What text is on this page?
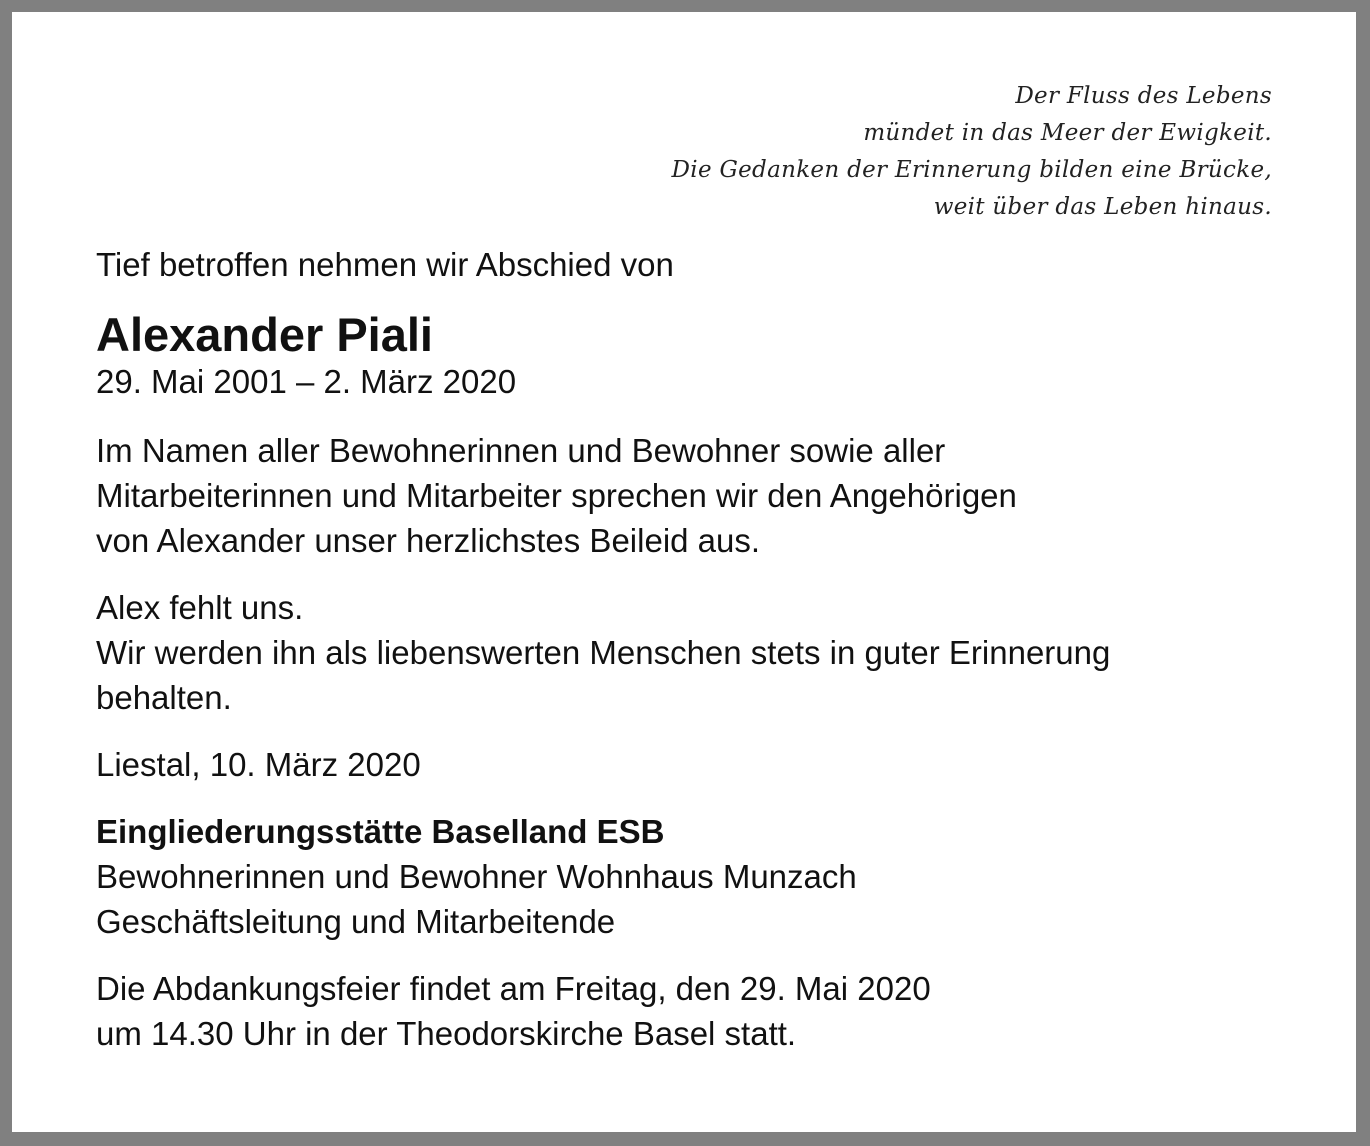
Der Fluss des Lebens
mündet in das Meer der Ewigkeit.
Die Gedanken der Erinnerung bilden eine Brücke,
weit über das Leben hinaus.

Tief betroffen nehmen wir Abschied von

Alexander Piali

29. Mai 2001 – 2. März 2020

Im Namen aller Bewohnerinnen und Bewohner sowie aller
Mitarbeiterinnen und Mitarbeiter sprechen wir den Angehörigen
von Alexander unser herzlichstes Beileid aus.

Alex fehlt uns.
Wir werden ihn als liebenswerten Menschen stets in guter Erinnerung
behalten.

Liestal, 10. März 2020

Eingliederungsstätte Baselland ESB
Bewohnerinnen und Bewohner Wohnhaus Munzach
Geschäftsleitung und Mitarbeitende

Die Abdankungsfeier findet am Freitag, den 29. Mai 2020
um 14.30 Uhr in der Theodorskirche Basel statt.
